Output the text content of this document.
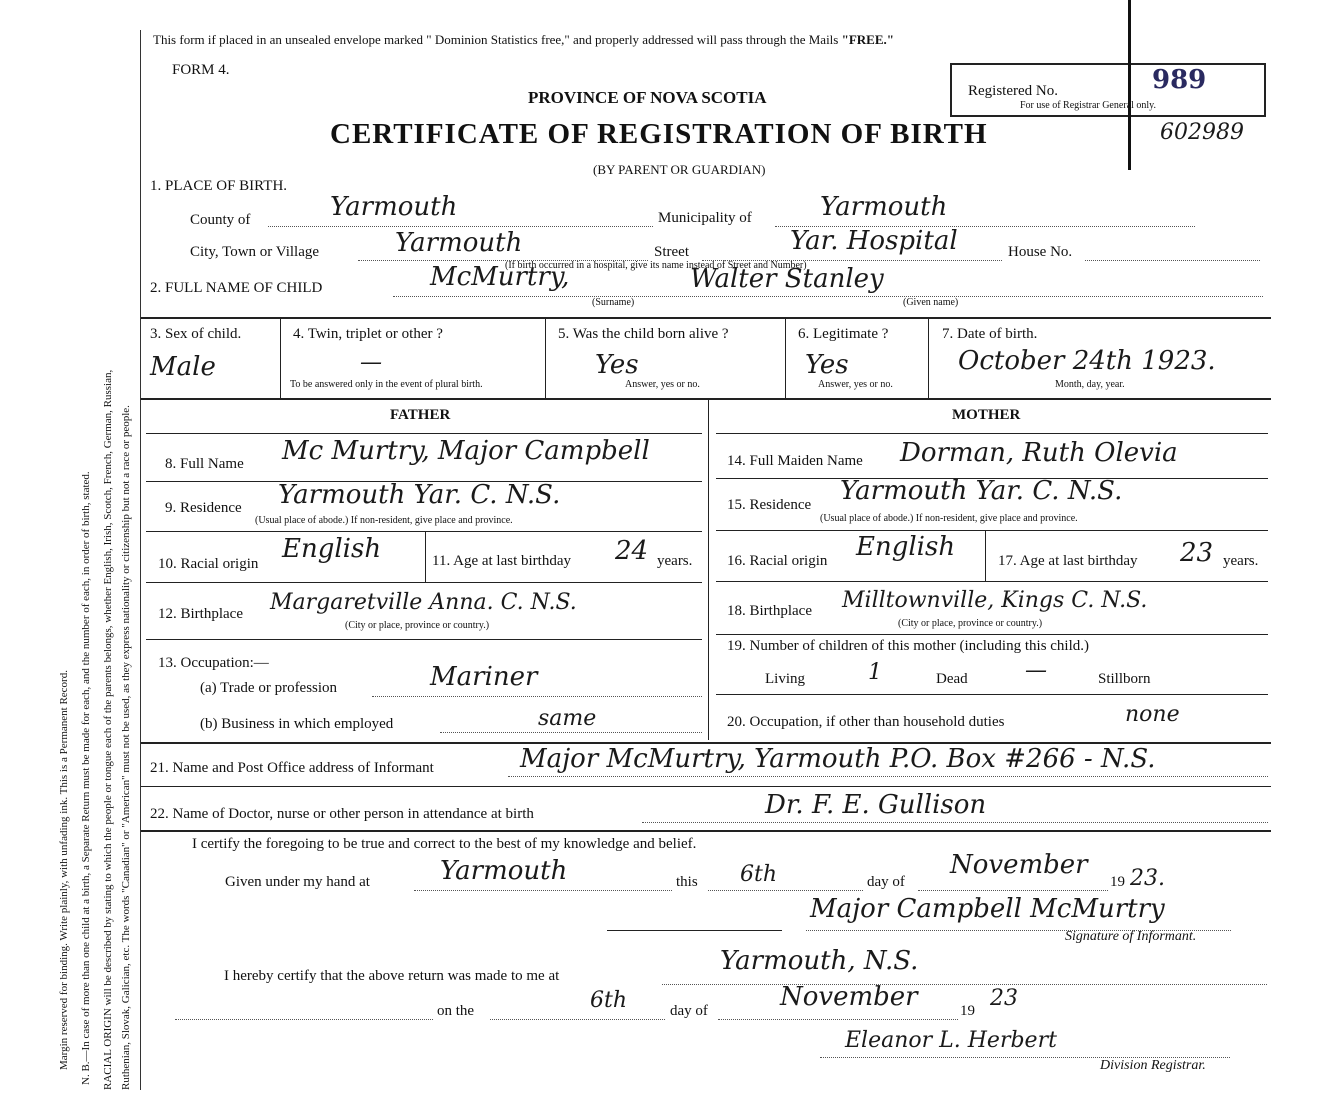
Margin reserved for binding. Write plainly, with unfading ink. This is a Permanent Record. N. B.—In case of more than one child at a birth, a Separate Return must be made for each, and the number of each, in order of birth, stated. RACIAL ORIGIN will be described by stating to which the people or tongue each of the parents belongs, whether English, Irish, Scotch, French, German, Russian, Ruthenian, Slovak, Galician, etc. The words "Canadian" or "American" must not be used, as they express nationality or citizenship but not a race or people.
This form if placed in an unsealed envelope marked " Dominion Statistics free," and properly addressed will pass through the Mails "FREE."
FORM 4.
PROVINCE OF NOVA SCOTIA
CERTIFICATE OF REGISTRATION OF BIRTH
(BY PARENT OR GUARDIAN)
Registered No.	989
For use of Registrar General only.
602989
1. PLACE OF BIRTH.
County of	Yarmouth	Municipality of	Yarmouth
City, Town or Village	Yarmouth	Street	Yar. Hospital	House No.
(If birth occurred in a hospital, give its name instead of Street and Number)
2. FULL NAME OF CHILD	McMurtry,	Walter Stanley
(Surname)	(Given name)
3. Sex of child.
Male
4. Twin, triplet or other ?
—
To be answered only in the event of plural birth.
5. Was the child born alive ?
Yes
Answer, yes or no.
6. Legitimate ?
Yes
Answer, yes or no.
7. Date of birth.
October 24th 1923.
Month, day, year.
FATHER	MOTHER
8. Full Name Mc Murtry, Major Campbell
9. Residence Yarmouth Yar. C. N.S.
(Usual place of abode.) If non-resident, give place and province.
10. Racial origin English	11. Age at last birthday 24 years.
12. Birthplace Margaretville Anna. C. N.S.
(City or place, province or country.)
13. Occupation:—
(a) Trade or profession	Mariner
(b) Business in which employed	same
14. Full Maiden Name Dorman, Ruth Olevia
15. Residence Yarmouth Yar. C. N.S.
(Usual place of abode.) If non-resident, give place and province.
16. Racial origin English	17. Age at last birthday 23 years.
18. Birthplace Milltownville, Kings C. N.S.
(City or place, province or country.)
19. Number of children of this mother (including this child.)
Living	1	Dead	—	Stillborn
20. Occupation, if other than household duties	none
21. Name and Post Office address of Informant	Major McMurtry, Yarmouth P.O. Box #266 - N.S.
22. Name of Doctor, nurse or other person in attendance at birth	Dr. F. E. Gullison
I certify the foregoing to be true and correct to the best of my knowledge and belief.
Given under my hand at	Yarmouth	this 6th	day of
November
19 23.
Major Campbell McMurtry
Signature of Informant.
I hereby certify that the above return was made to me at	Yarmouth, N.S.
on the	6th	day of	November	19 23
Eleanor L. Herbert
Division Registrar.
